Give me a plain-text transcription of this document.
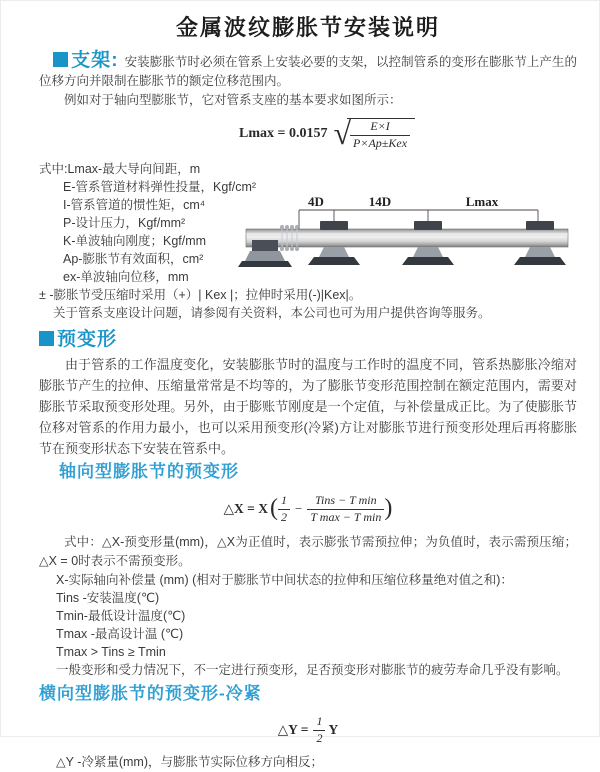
金属波纹膨胀节安装说明

支架: 安装膨胀节时必须在管系上安装必要的支架，以控制管系的变形在膨胀节上产生的位移方向并限制在膨胀节的额定位移范围内。

例如对于轴向型膨胀节，它对管系支座的基本要求如图所示：

Lmax = 0.0157 √ $\frac{E\times I}{\text{P×Ap±Kex}}$
式中:Lmax-最大导向间距，m
E-管系管道材料弹性投量，Kgf/cm²
I-管系管道的惯性矩，cm⁴
P-设计压力，Kgf/mm²
K-单波轴向刚度；Kgf/mm
Ap-膨胀节有效面积，cm²
ex-单波轴向位移，mm
± -膨胀节受压缩时采用（+）| Kex |；拉伸时采用(-)|Kex|。
关于管系支座设计问题，请参阅有关资料，本公司也可为用户提供咨询等服务。
预变形

由于管系的工作温度变化，安装膨胀节时的温度与工作时的温度不同，管系热膨胀冷缩对膨胀节产生的拉伸、压缩量常常是不均等的，为了膨胀节变形范围控制在额定范围内，需要对膨胀节采取预变形处理。另外，由于膨账节刚度是一个定值，与补偿量成正比。为了使膨胀节位移对管系的作用力最小，也可以采用预变形(冷紧)方让对膨胀节进行预变形处理后再将膨胀节在预变形状态下安装在管系中。

轴向型膨胀节的预变形
△X = X ( $\frac{1}{2} - \frac{\text{Tins − T min}}{\text{T max − T min}}$ )

式中：△X-预变形量(mm)，△X为正值时，表示膨张节需预拉伸；为负值时，表示需预压缩；△X = 0时表示不需预变形。

X-实际轴向补偿量 (mm) (相对于膨胀节中间状态的拉伸和压缩位移量绝对值之和)：
Tins -安装温度(℃)
Tmin-最低设计温度(℃)
Tmax -最高设计温 (℃)
Tmax > Tins ≥ Tmin
一般变形和受力情况下，不一定进行预变形，足否预变形对膨胀节的疲劳寿命几乎没有影响。
横向型膨胀节的预变形-冷紧
△Y = $\frac{1}{2}$ Y

△Y -冷紧量(mm)，与膨胀节实际位移方向相反；

4D	14D	Lmax
